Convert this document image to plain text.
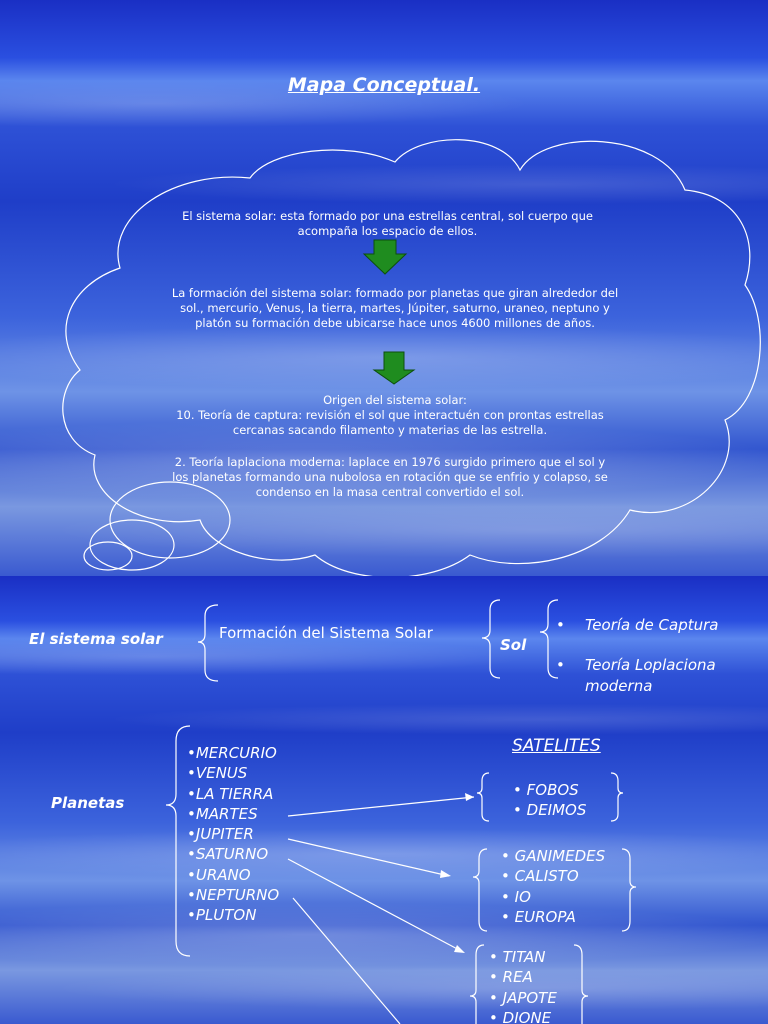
Mapa Conceptual.
El sistema solar: esta formado por una estrellas central, sol cuerpo que acompaña los espacio de ellos.
La formación del sistema solar: formado por planetas que giran alrededor del sol., mercurio, Venus, la tierra, martes, Júpiter, saturno, uraneo, neptuno y platón su formación debe ubicarse hace unos 4600 millones de años.
Origen del sistema solar:
10. Teoría de captura: revisión el sol que interactuén con prontas estrellas cercanas sacando filamento y materias de las estrella.
2. Teoría laplaciona moderna: laplace en 1976 surgido primero que el sol y los planetas formando una nubolosa en rotación que se enfrio y colapso, se condenso en la masa central convertido el sol.
El sistema solar	Formación del Sistema Solar
Sol
• Teoría de Captura
• Teoría Loplaciona
moderna
Planetas
•MERCURIO
•VENUS
•LA TIERRA
•MARTES
•JUPITER
•SATURNO
•URANO
•NEPTURNO
•PLUTON
SATELITES
• FOBOS
• DEIMOS
• GANIMEDES
• CALISTO
• IO
• EUROPA
• TITAN
• REA
• JAPOTE
• DIONE
